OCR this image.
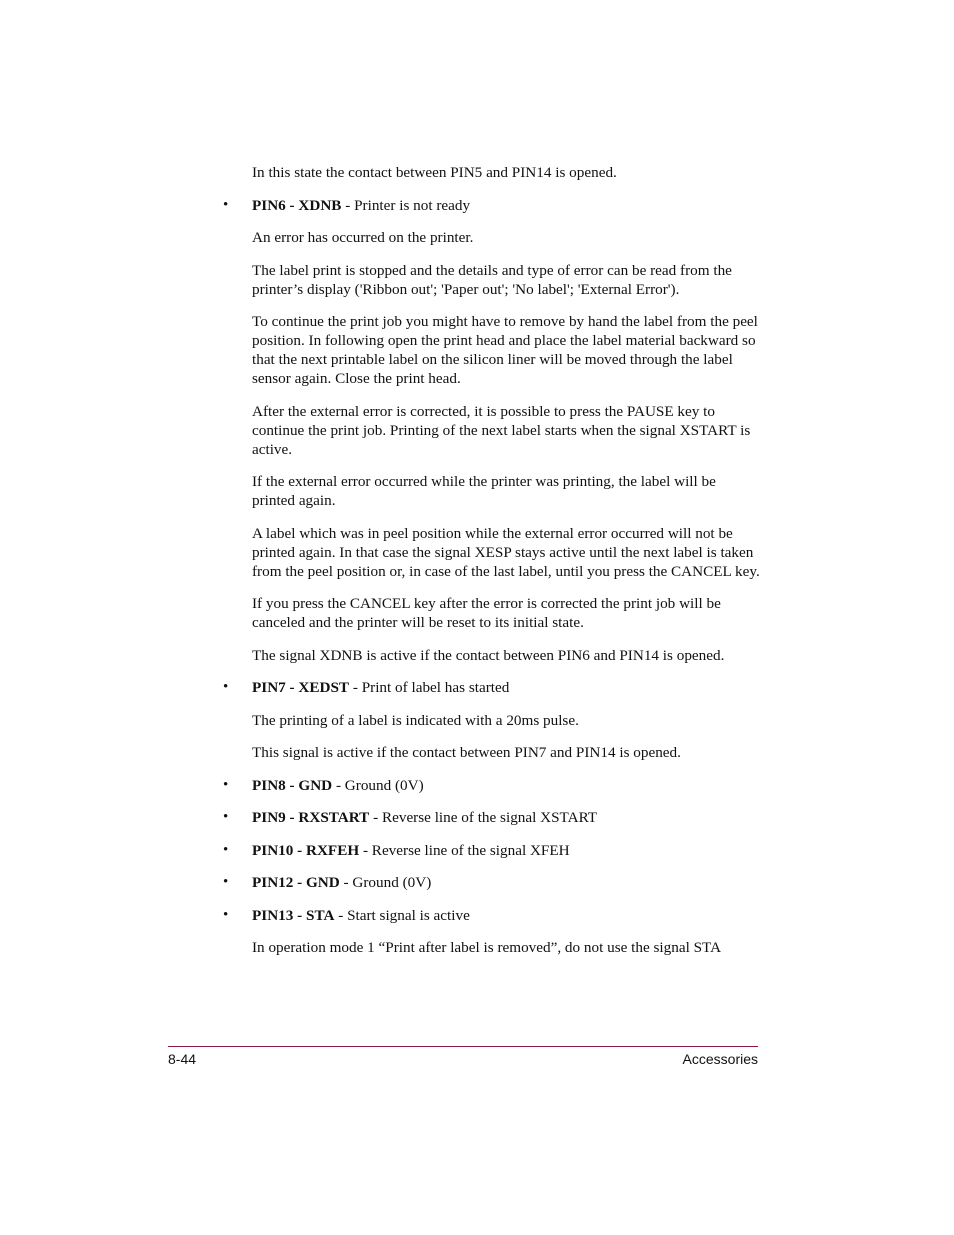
In this state the contact between PIN5 and PIN14 is opened.

• PIN6 - XDNB - Printer is not ready

An error has occurred on the printer.

The label print is stopped and the details and type of error can be read from the printer’s display ('Ribbon out'; 'Paper out'; 'No label'; 'External Error').

To continue the print job you might have to remove by hand the label from the peel position. In following open the print head and place the label material backward so that the next printable label on the silicon liner will be moved through the label sensor again. Close the print head.

After the external error is corrected, it is possible to press the PAUSE key to continue the print job. Printing of the next label starts when the signal XSTART is active.

If the external error occurred while the printer was printing, the label will be printed again.

A label which was in peel position while the external error occurred will not be printed again. In that case the signal XESP stays active until the next label is taken from the peel position or, in case of the last label, until you press the CANCEL key.

If you press the CANCEL key after the error is corrected the print job will be canceled and the printer will be reset to its initial state.

The signal XDNB is active if the contact between PIN6 and PIN14 is opened.

• PIN7 - XEDST - Print of label has started

The printing of a label is indicated with a 20ms pulse.

This signal is active if the contact between PIN7 and PIN14 is opened.

• PIN8 - GND - Ground (0V)
• PIN9 - RXSTART - Reverse line of the signal XSTART
• PIN10 - RXFEH - Reverse line of the signal XFEH
• PIN12 - GND - Ground (0V)
• PIN13 - STA - Start signal is active

In operation mode 1 “Print after label is removed”, do not use the signal STA

8-44	Accessories
